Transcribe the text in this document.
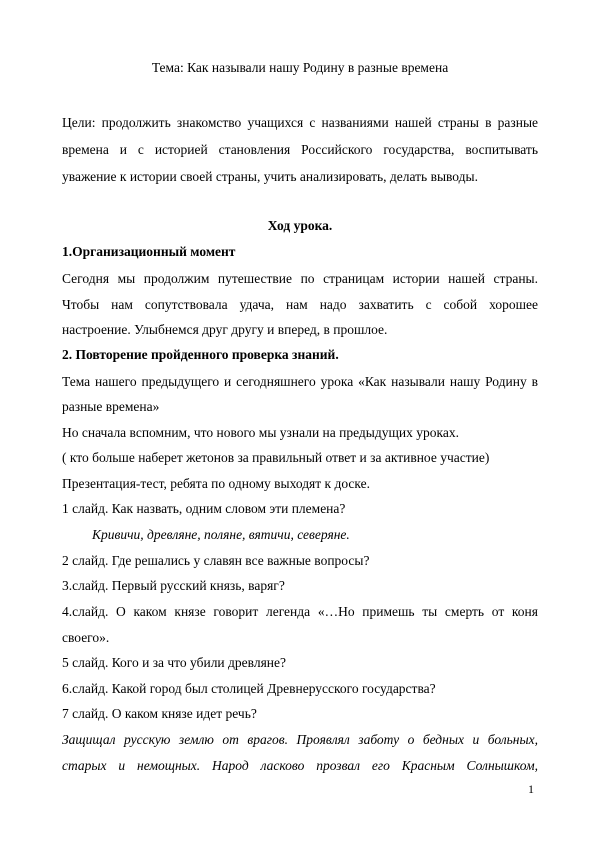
Тема: Как называли нашу Родину в разные времена
Цели: продолжить знакомство учащихся с названиями нашей страны в разные
времена и с историей становления Российского государства, воспитывать
уважение к истории своей страны, учить анализировать, делать выводы.
Ход урока.
1.Организационный момент
Сегодня мы продолжим путешествие по страницам истории нашей страны.
Чтобы нам сопутствовала удача, нам надо захватить с собой хорошее
настроение. Улыбнемся друг другу и вперед, в прошлое.
2. Повторение пройденного проверка знаний.
Тема нашего предыдущего и сегодняшнего урока «Как называли нашу Родину в
разные времена»
Но сначала вспомним, что нового мы узнали на предыдущих уроках.
( кто больше наберет жетонов за правильный ответ и за активное участие)
Презентация-тест, ребята по одному выходят к доске.
1 слайд. Как назвать, одним словом эти племена?
Кривичи, древляне, поляне, вятичи, северяне.
2 слайд. Где решались у славян все важные вопросы?
3.слайд. Первый русский князь, варяг?
4.слайд. О каком князе говорит легенда «…Но примешь ты смерть от коня
своего».
5 слайд. Кого и за что убили древляне?
6.слайд. Какой город был столицей Древнерусского государства?
7 слайд. О каком князе идет речь?
Защищал русскую землю от врагов. Проявлял заботу о бедных и больных,
старых и немощных. Народ ласково прозвал его Красным Солнышком,
1
